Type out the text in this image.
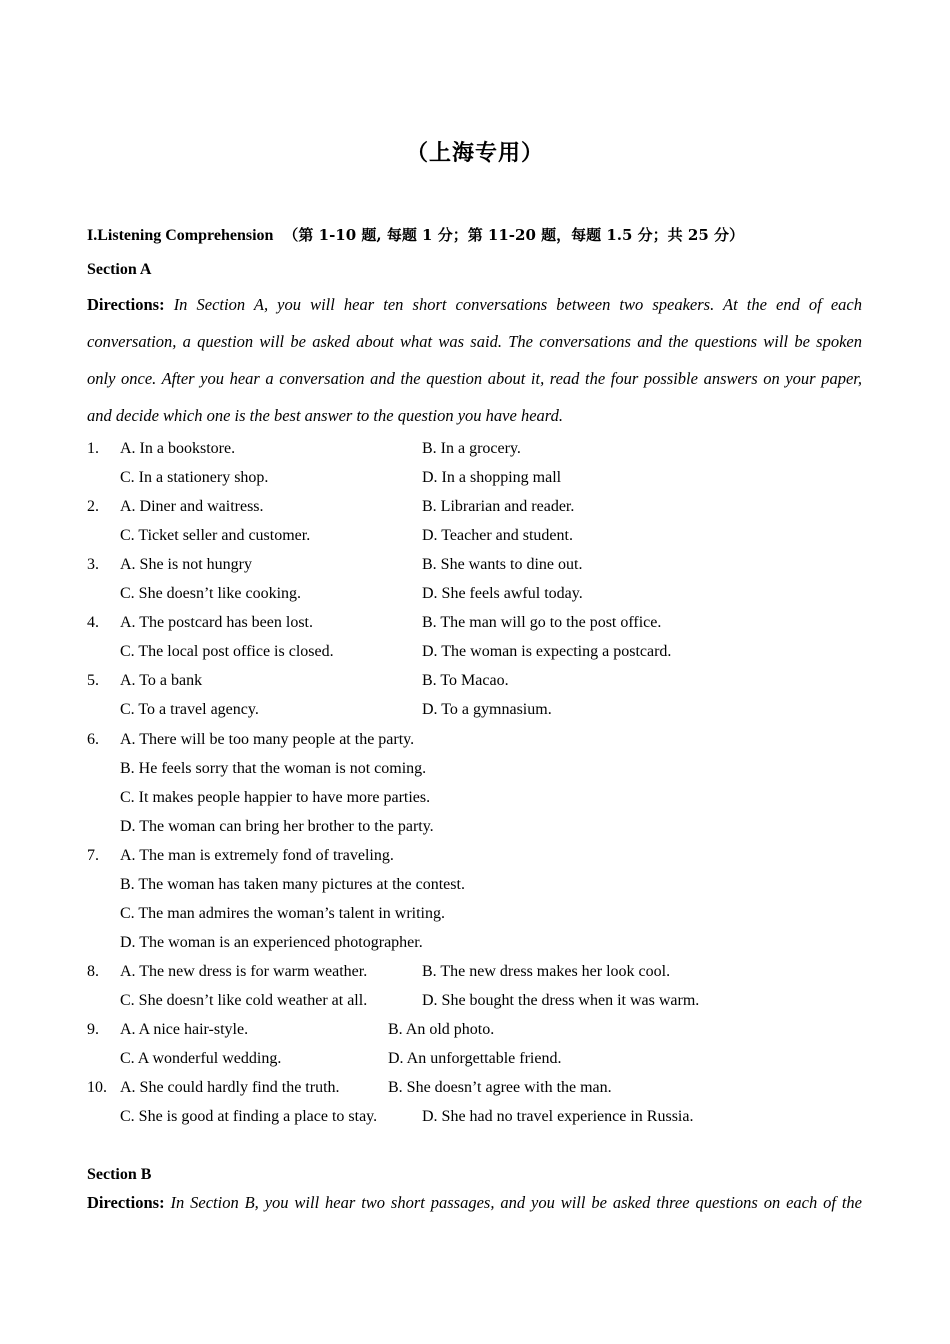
（上海专用）
I.Listening Comprehension （第 1-10 题, 每题 1 分；第 11-20 题，每题 1.5 分；共 25 分）
Section A
Directions: In Section A, you will hear ten short conversations between two speakers. At the end of each
conversation, a question will be asked about what was said. The conversations and the questions will be spoken
only once. After you hear a conversation and the question about it, read the four possible answers on your paper,
and decide which one is the best answer to the question you have heard.
1. A. In a bookstore.	B. In a grocery.
C. In a stationery shop.	D. In a shopping mall
2. A. Diner and waitress.	B. Librarian and reader.
C. Ticket seller and customer.	D. Teacher and student.
3. A. She is not hungry	B. She wants to dine out.
C. She doesn’t like cooking.	D. She feels awful today.
4. A. The postcard has been lost.	B. The man will go to the post office.
C. The local post office is closed.	D. The woman is expecting a postcard.
5. A. To a bank	B. To Macao.
C. To a travel agency.	D. To a gymnasium.
6. A. There will be too many people at the party.
B. He feels sorry that the woman is not coming.
C. It makes people happier to have more parties.
D. The woman can bring her brother to the party.
7. A. The man is extremely fond of traveling.
B. The woman has taken many pictures at the contest.
C. The man admires the woman’s talent in writing.
D. The woman is an experienced photographer.
8. A. The new dress is for warm weather.	B. The new dress makes her look cool.
C. She doesn’t like cold weather at all.	D. She bought the dress when it was warm.
9. A. A nice hair-style.	B. An old photo.
C. A wonderful wedding.	D. An unforgettable friend.
10. A. She could hardly find the truth.	B. She doesn’t agree with the man.
C. She is good at finding a place to stay.	D. She had no travel experience in Russia.
Section B
Directions: In Section B, you will hear two short passages, and you will be asked three questions on each of the
